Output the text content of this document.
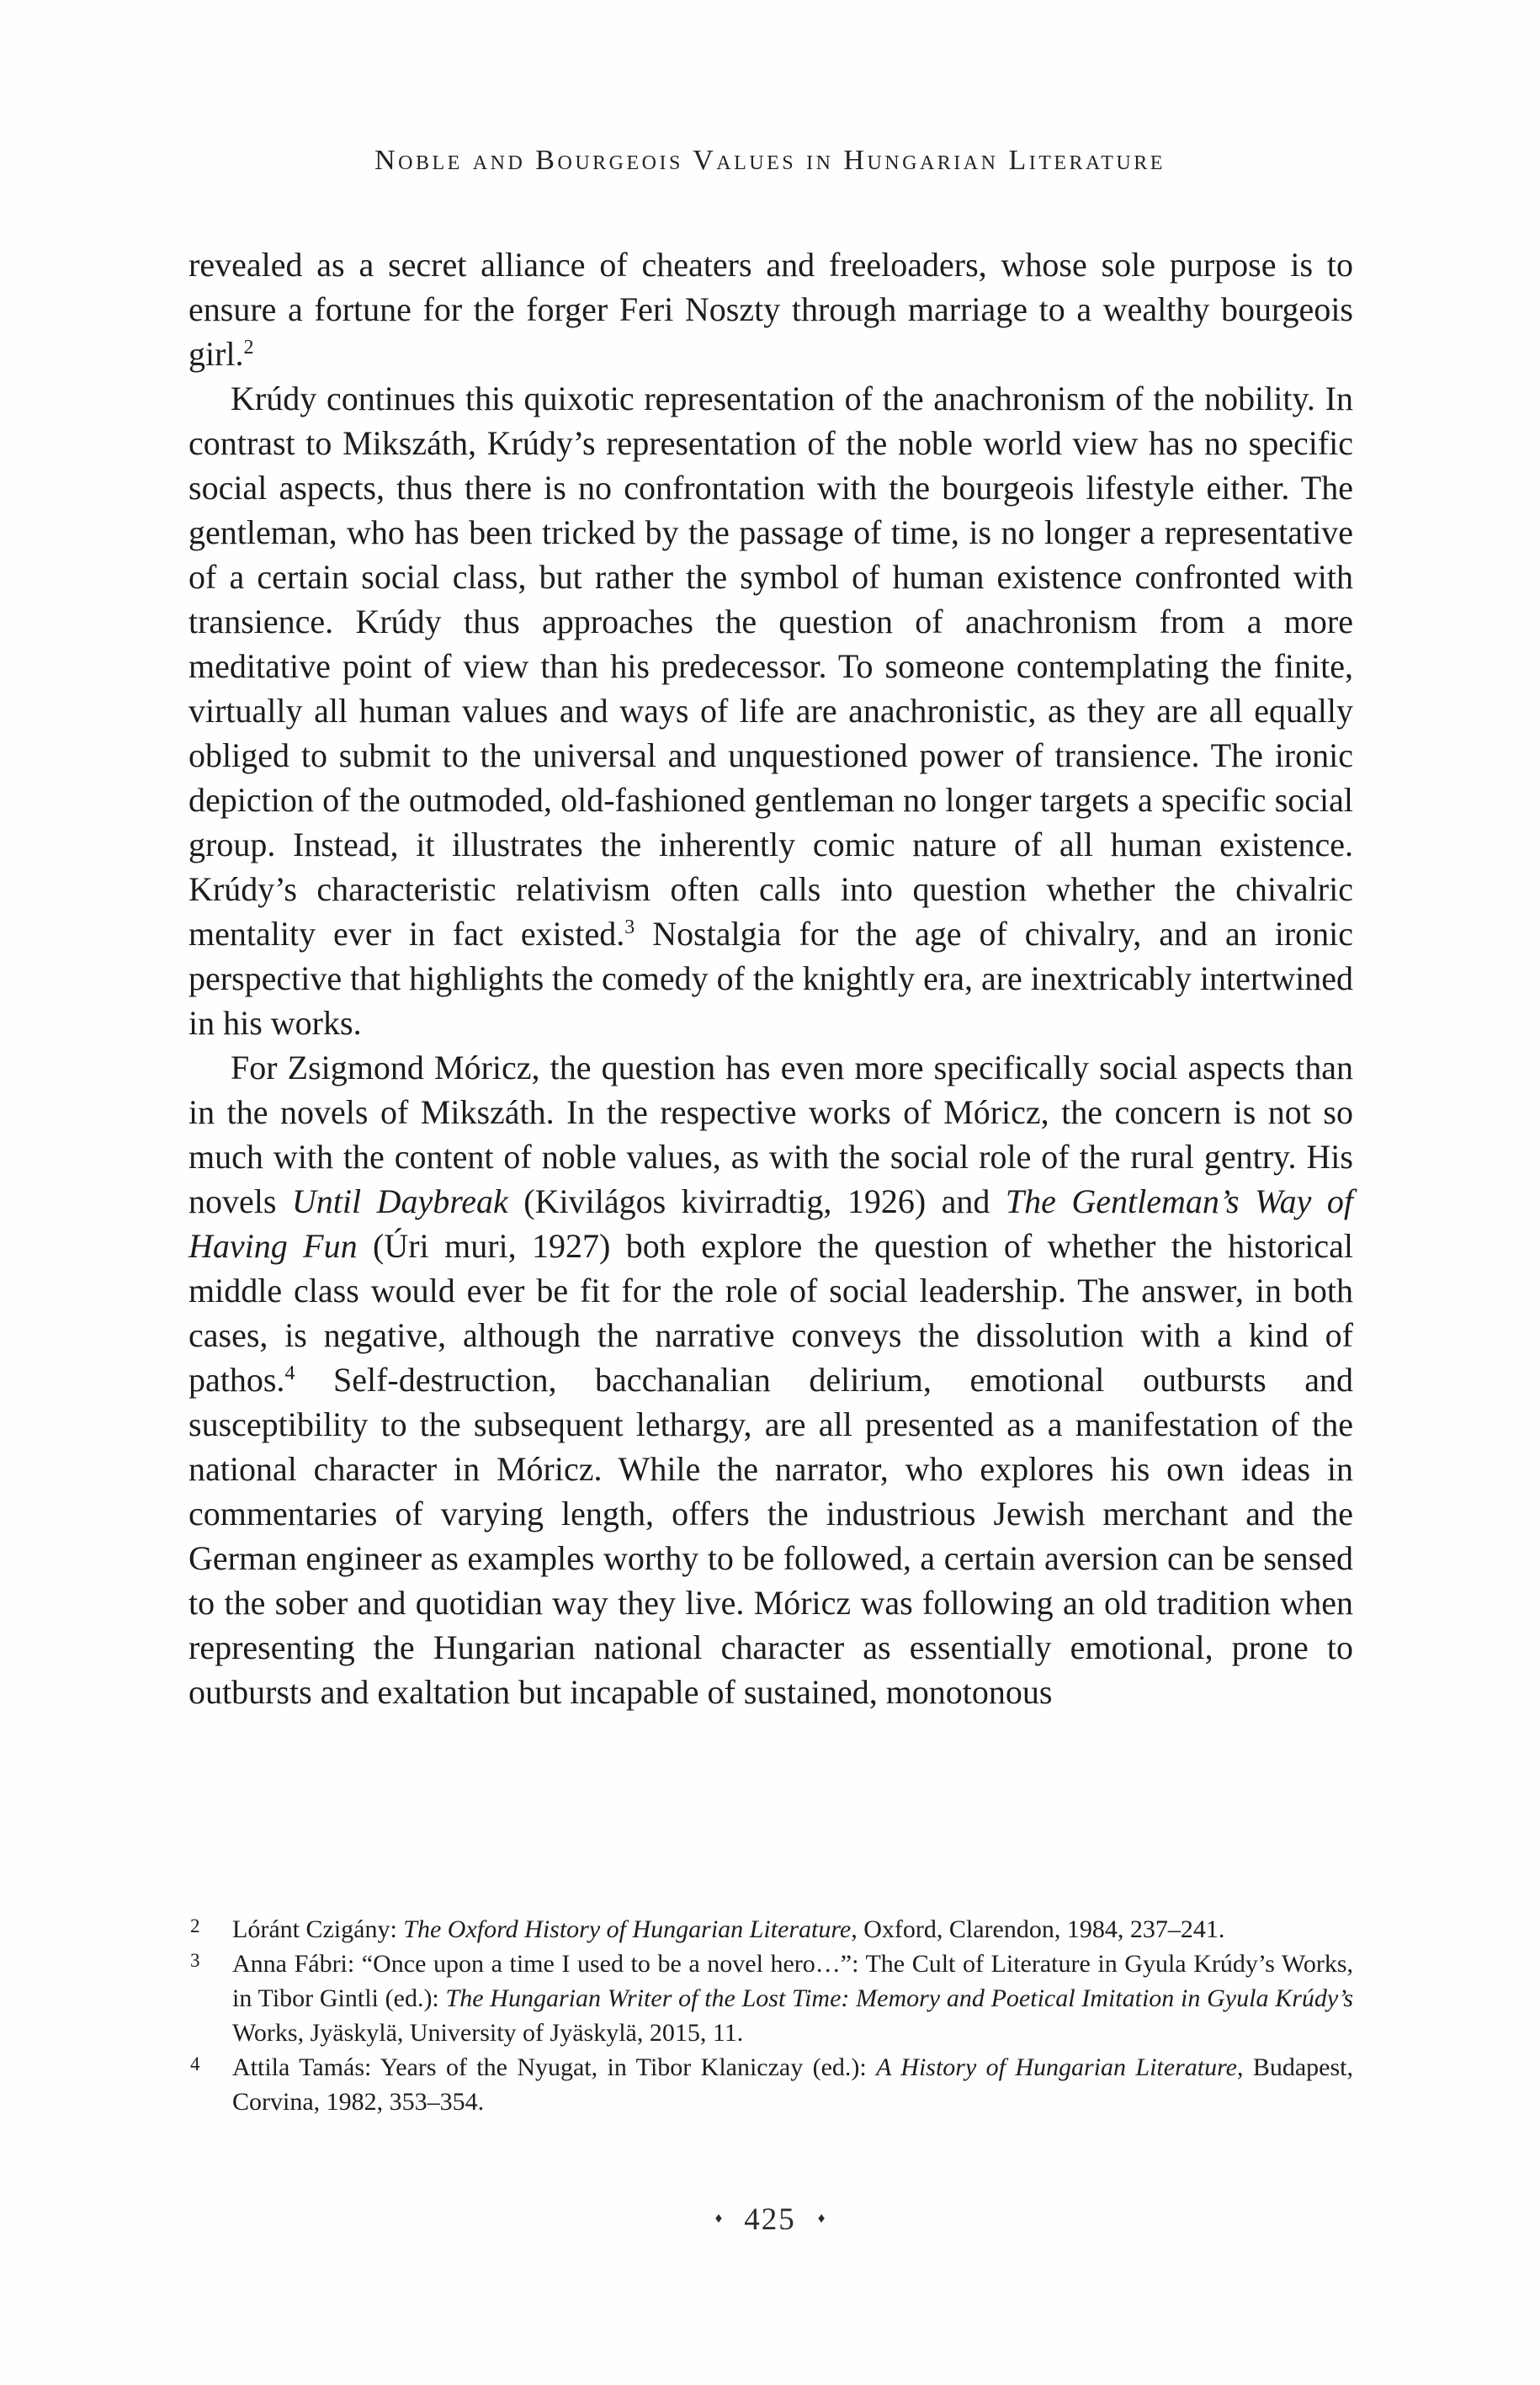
Noble and Bourgeois Values in Hungarian Literature

revealed as a secret alliance of cheaters and freeloaders, whose sole purpose is to ensure a fortune for the forger Feri Noszty through marriage to a wealthy bourgeois girl.$^2$

Krúdy continues this quixotic representation of the anachronism of the nobility. In contrast to Mikszáth, Krúdy’s representation of the noble world view has no specific social aspects, thus there is no confrontation with the bourgeois lifestyle either. The gentleman, who has been tricked by the passage of time, is no longer a representative of a certain social class, but rather the symbol of human existence confronted with transience. Krúdy thus approaches the question of anachronism from a more meditative point of view than his predecessor. To someone contemplating the finite, virtually all human values and ways of life are anachronistic, as they are all equally obliged to submit to the universal and unquestioned power of transience. The ironic depiction of the outmoded, old-fashioned gentleman no longer targets a specific social group. Instead, it illustrates the inherently comic nature of all human existence. Krúdy’s characteristic relativism often calls into question whether the chivalric mentality ever in fact existed.$^3$ Nostalgia for the age of chivalry, and an ironic perspective that highlights the comedy of the knightly era, are inextricably intertwined in his works.

For Zsigmond Móricz, the question has even more specifically social aspects than in the novels of Mikszáth. In the respective works of Móricz, the concern is not so much with the content of noble values, as with the social role of the rural gentry. His novels Until Daybreak (Kivilágos kivirradtig, 1926) and The Gentleman’s Way of Having Fun (Úri muri, 1927) both explore the question of whether the historical middle class would ever be fit for the role of social leadership. The answer, in both cases, is negative, although the narrative conveys the dissolution with a kind of pathos.$^4$ Self-destruction, bacchanalian delirium, emotional outbursts and susceptibility to the subsequent lethargy, are all presented as a manifestation of the national character in Móricz. While the narrator, who explores his own ideas in commentaries of varying length, offers the industrious Jewish merchant and the German engineer as examples worthy to be followed, a certain aversion can be sensed to the sober and quotidian way they live. Móricz was following an old tradition when representing the Hungarian national character as essentially emotional, prone to outbursts and exaltation but incapable of sustained, monotonous

2 Lóránt Czigány: The Oxford History of Hungarian Literature, Oxford, Clarendon, 1984, 237–241.
3 Anna Fábri: “Once upon a time I used to be a novel hero…”: The Cult of Literature in Gyula Krúdy’s Works, in Tibor Gintli (ed.): The Hungarian Writer of the Lost Time: Memory and Poetical Imitation in Gyula Krúdy’s Works, Jyäskylä, University of Jyäskylä, 2015, 11.
4 Attila Tamás: Years of the Nyugat, in Tibor Klaniczay (ed.): A History of Hungarian Literature, Budapest, Corvina, 1982, 353–354.
♦ 425 ♦
